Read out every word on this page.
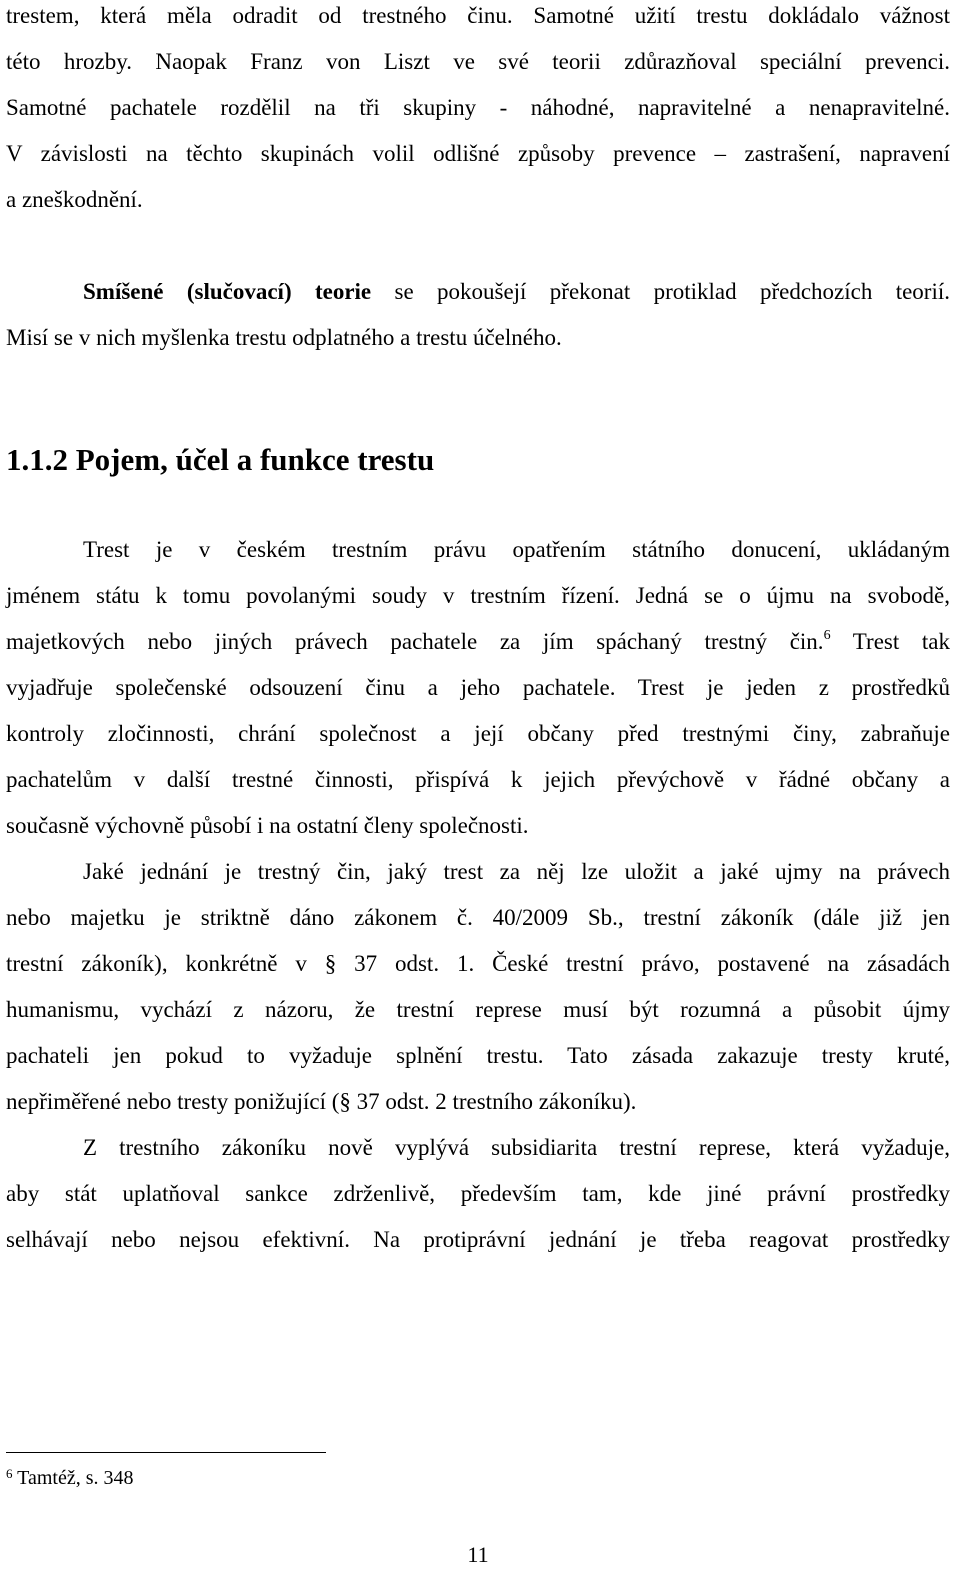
trestem, která měla odradit od trestného činu. Samotné užití trestu dokládalo vážnost
této hrozby. Naopak Franz von Liszt ve své teorii zdůrazňoval speciální prevenci.
Samotné pachatele rozdělil na tři skupiny - náhodné, napravitelné a nenapravitelné.
V závislosti na těchto skupinách volil odlišné způsoby prevence – zastrašení, napravení
a zneškodnění.
Smíšené (slučovací) teorie se pokoušejí překonat protiklad předchozích teorií.
Misí se v nich myšlenka trestu odplatného a trestu účelného.
1.1.2 Pojem, účel a funkce trestu
Trest je v českém trestním právu opatřením státního donucení, ukládaným
jménem státu k tomu povolanými soudy v trestním řízení. Jedná se o újmu na svobodě,
majetkových nebo jiných právech pachatele za jím spáchaný trestný čin.$^6$ Trest tak
vyjadřuje společenské odsouzení činu a jeho pachatele. Trest je jeden z prostředků
kontroly zločinnosti, chrání společnost a její občany před trestnými činy, zabraňuje
pachatelům v další trestné činnosti, přispívá k jejich převýchově v řádné občany a
současně výchovně působí i na ostatní členy společnosti.
Jaké jednání je trestný čin, jaký trest za něj lze uložit a jaké ujmy na právech
nebo majetku je striktně dáno zákonem č. 40/2009 Sb., trestní zákoník (dále již jen
trestní zákoník), konkrétně v § 37 odst. 1. České trestní právo, postavené na zásadách
humanismu, vychází z názoru, že trestní represe musí být rozumná a působit újmy
pachateli jen pokud to vyžaduje splnění trestu. Tato zásada zakazuje tresty kruté,
nepřiměřené nebo tresty ponižující (§ 37 odst. 2 trestního zákoníku).
Z trestního zákoníku nově vyplývá subsidiarita trestní represe, která vyžaduje,
aby stát uplatňoval sankce zdrženlivě, především tam, kde jiné právní prostředky
selhávají nebo nejsou efektivní. Na protiprávní jednání je třeba reagovat prostředky
$^6$ Tamtéž, s. 348
11
